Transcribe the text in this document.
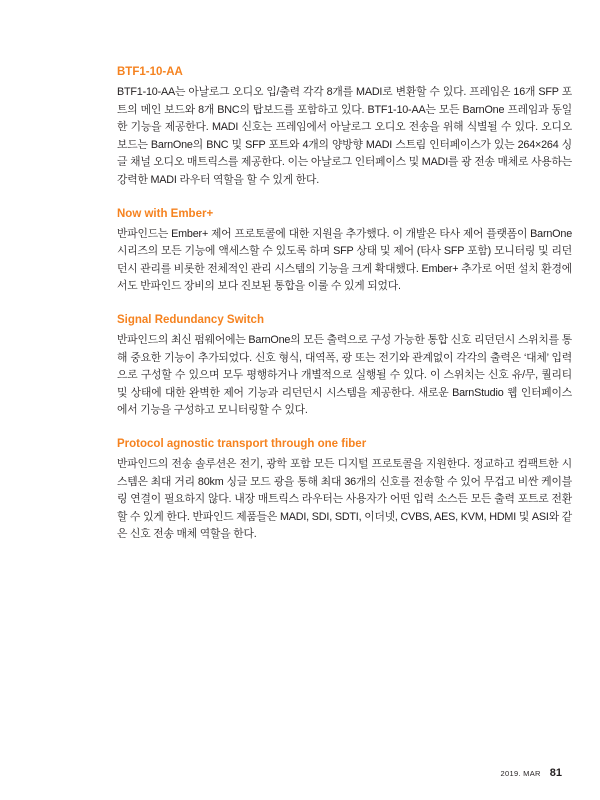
BTF1-10-AA

BTF1-10-AA는 아날로그 오디오 입/출력 각각 8개를 MADI로 변환할 수 있다. 프레임은 16개 SFP 포트의 메인 보드와 8개 BNC의 탑보드를 포함하고 있다. BTF1-10-AA는 모든 BarnOne 프레임과 동일한 기능을 제공한다. MADI 신호는 프레임에서 아날로그 오디오 전송을 위해 식별될 수 있다. 오디오 보드는 BarnOne의 BNC 및 SFP 포트와 4개의 양방향 MADI 스트림 인터페이스가 있는 264×264 싱글 채널 오디오 매트릭스를 제공한다. 이는 아날로그 인터페이스 및 MADI를 광 전송 매체로 사용하는 강력한 MADI 라우터 역할을 할 수 있게 한다.

Now with Ember+

반파인드는 Ember+ 제어 프로토콜에 대한 지원을 추가했다. 이 개발은 타사 제어 플랫폼이 BarnOne 시리즈의 모든 기능에 액세스할 수 있도록 하며 SFP 상태 및 제어 (타사 SFP 포함) 모니터링 및 리던던시 관리를 비롯한 전체적인 관리 시스템의 기능을 크게 확대했다. Ember+ 추가로 어떤 설치 환경에서도 반파인드 장비의 보다 진보된 통합을 이룰 수 있게 되었다.

Signal Redundancy Switch

반파인드의 최신 펌웨어에는 BarnOne의 모든 출력으로 구성 가능한 통합 신호 리던던시 스위치를 통해 중요한 기능이 추가되었다. 신호 형식, 대역폭, 광 또는 전기와 관계없이 각각의 출력은 ‘대체’ 입력으로 구성할 수 있으며 모두 평행하거나 개별적으로 실행될 수 있다. 이 스위치는 신호 유/무, 퀄리티 및 상태에 대한 완벽한 제어 기능과 리던던시 시스템을 제공한다. 새로운 BarnStudio 웹 인터페이스에서 기능을 구성하고 모니터링할 수 있다.

Protocol agnostic transport through one fiber

반파인드의 전송 솔루션은 전기, 광학 포함 모든 디지털 프로토콜을 지원한다. 정교하고 컴팩트한 시스템은 최대 거리 80km 싱글 모드 광을 통해 최대 36개의 신호를 전송할 수 있어 무겁고 비싼 케이블링 연결이 필요하지 않다. 내장 매트릭스 라우터는 사용자가 어떤 입력 소스든 모든 출력 포트로 전환할 수 있게 한다. 반파인드 제품들은 MADI, SDI, SDTI, 이더넷, CVBS, AES, KVM, HDMI 및 ASI와 같은 신호 전송 매체 역할을 한다.

2019. MAR 81
